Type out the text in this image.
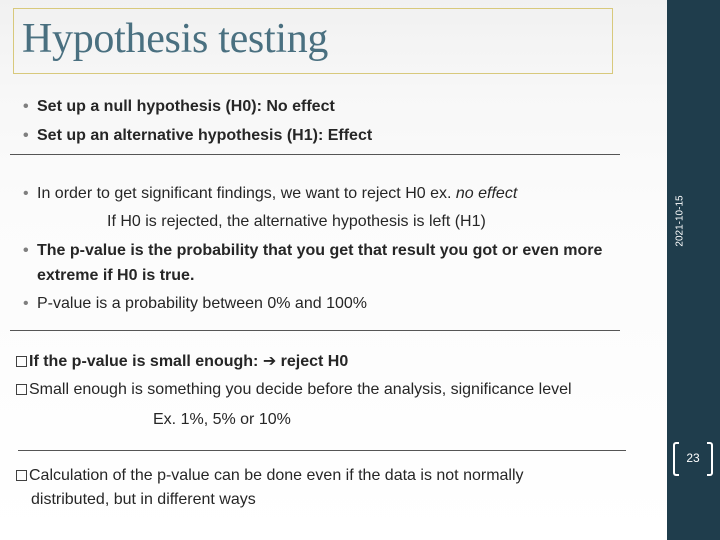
Hypothesis testing
• Set up a null hypothesis (H0): No effect
• Set up an alternative hypothesis (H1): Effect
• In order to get significant findings, we want to reject H0 ex. no effect
If H0 is rejected, the alternative hypothesis is left (H1)
• The p-value is the probability that you get that result you got or even more
extreme if H0 is true.
• P-value is a probability between 0% and 100%
If the p-value is small enough: ➔ reject H0
Small enough is something you decide before the analysis, significance level
Ex. 1%, 5% or 10%
Calculation of the p-value can be done even if the data is not normally
distributed, but in different ways
2021-10-15
23
